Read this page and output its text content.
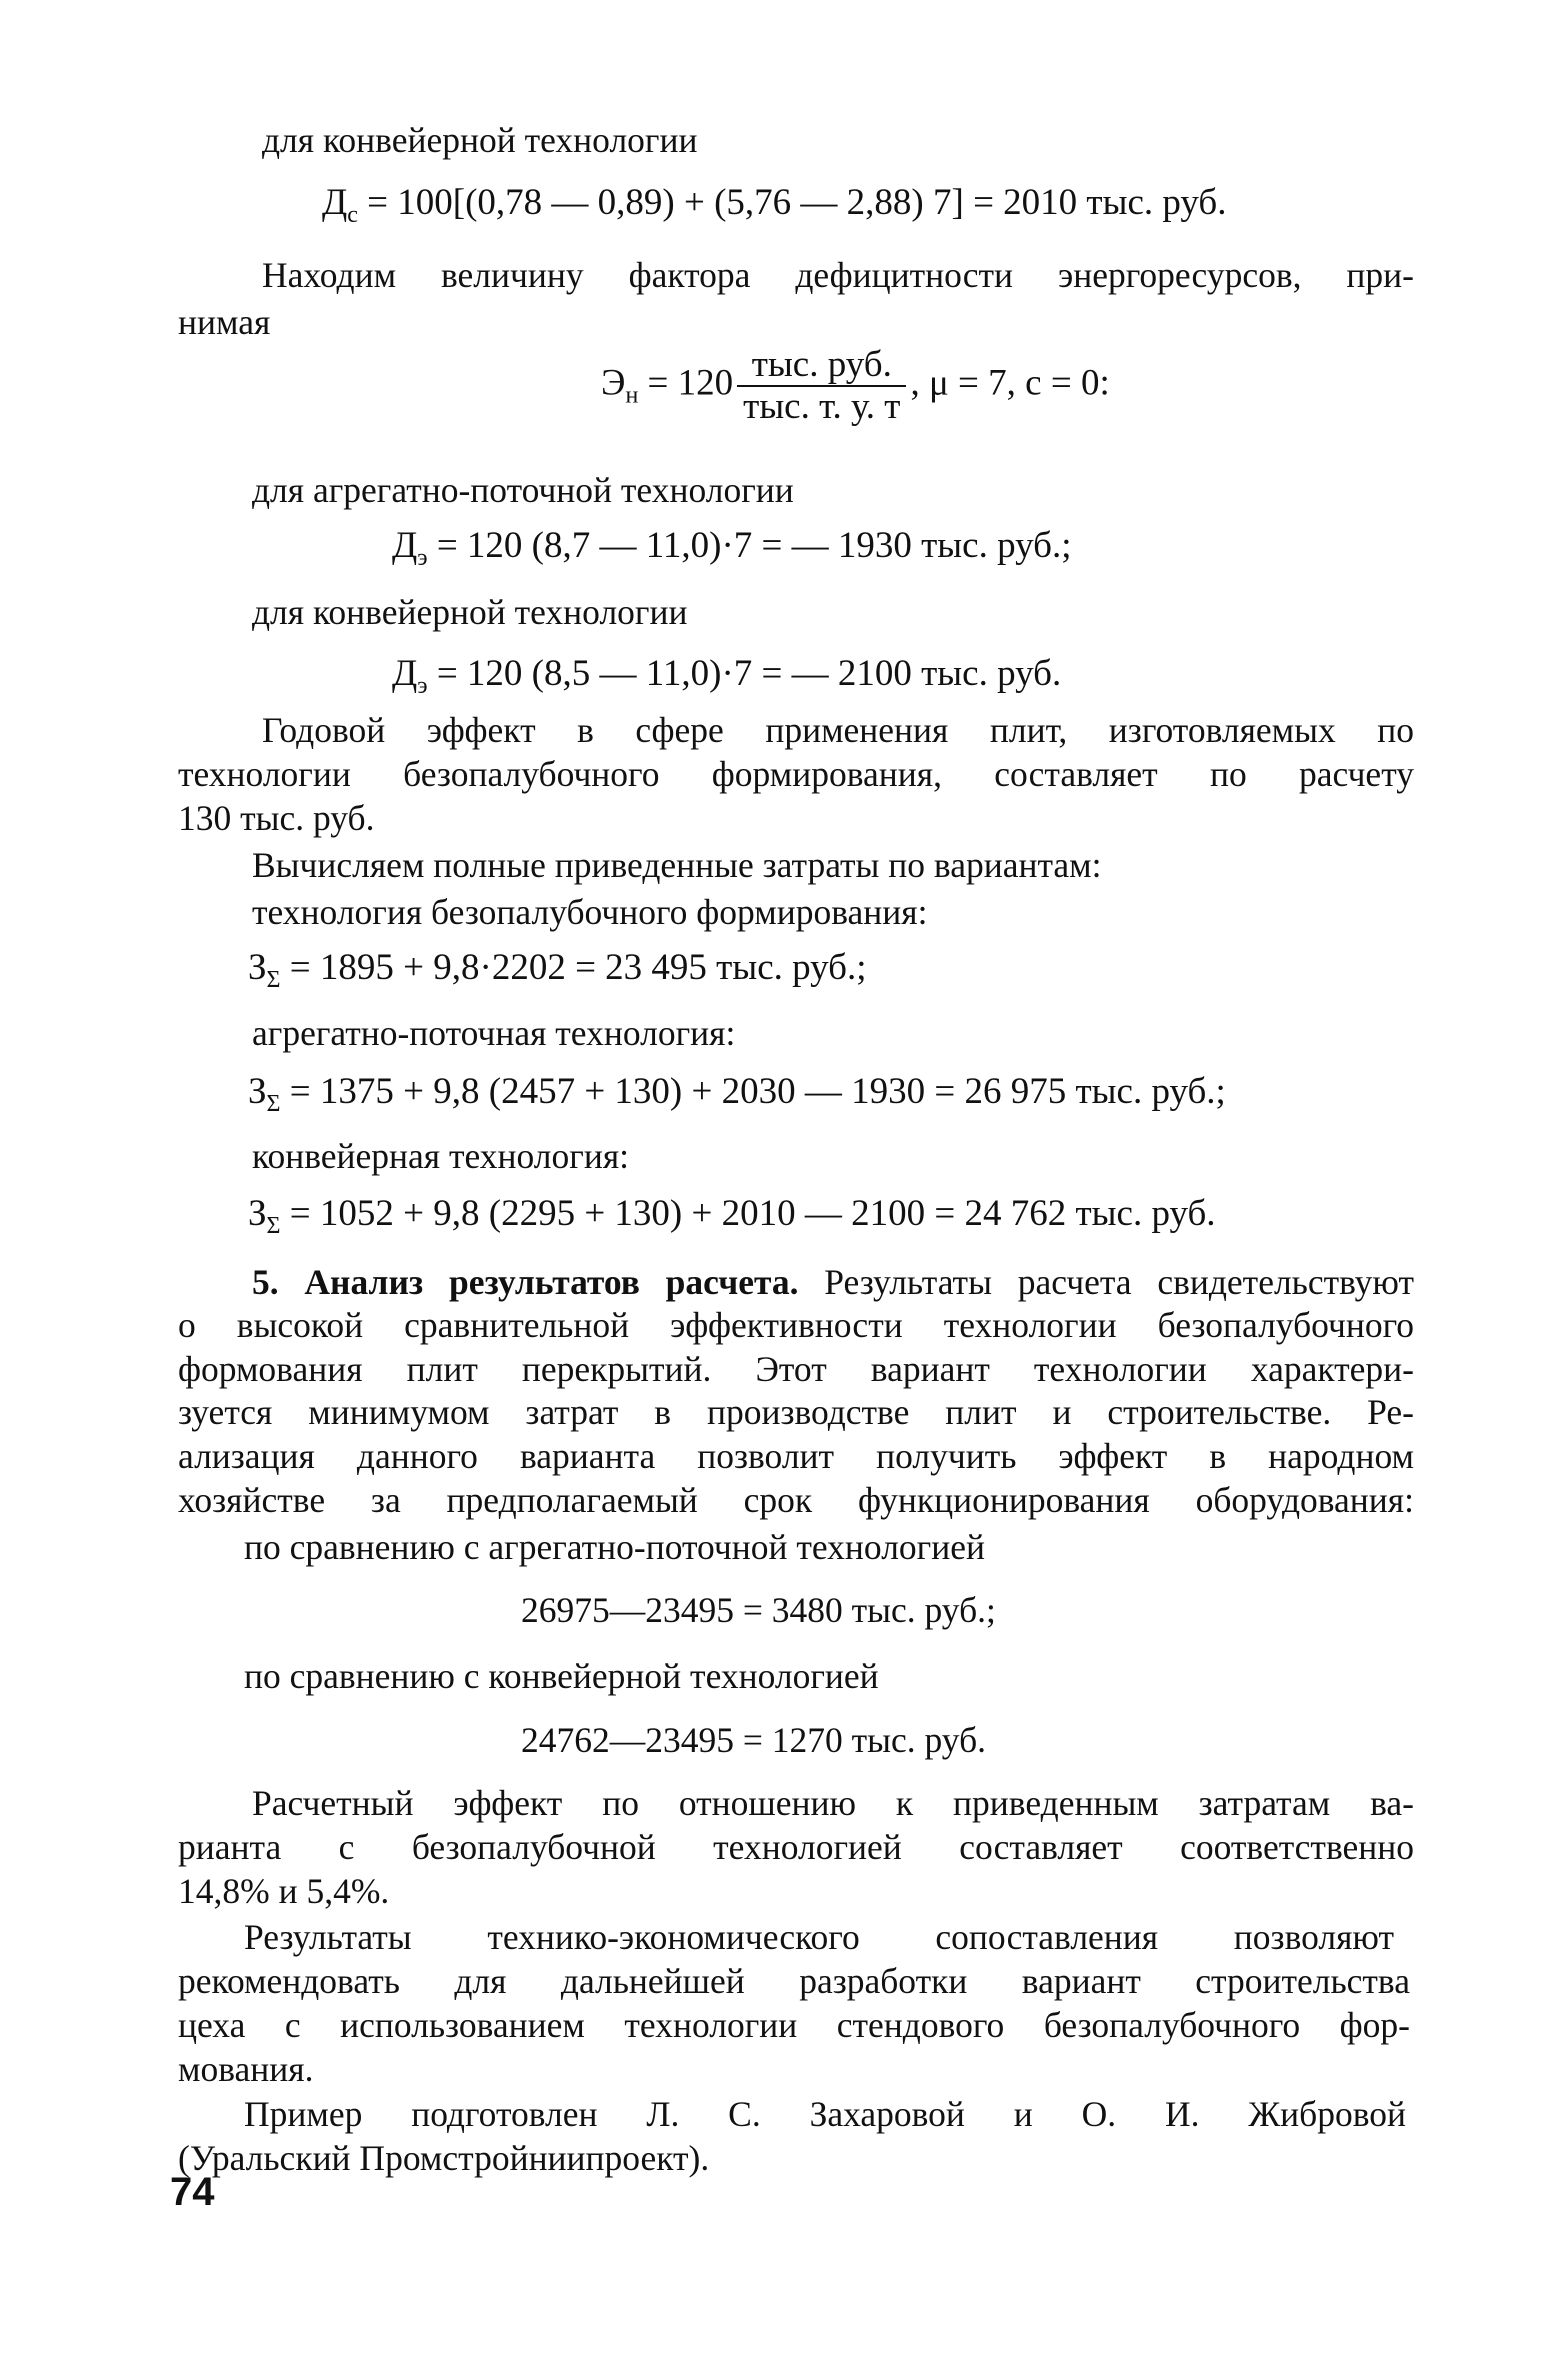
для конвейерной технологии
$Д_с = 100[(0,78$ — 0,89) + (5,76 — 2,88) 7] = 2010 тыс. руб.
Находим величину фактора дефицитности энергоресурсов, при-
нимая
$Э_н = 120 \frac{\text{тыс. руб.}}{\text{тыс. т. у. т}}$ , μ = 7, c = 0:
для агрегатно-поточной технологии
$Д_э = 120$ (8,7 — 11,0)·7 = — 1930 тыс. руб.;
для конвейерной технологии
$Д_э = 120$ (8,5 — 11,0)·7 = — 2100 тыс. руб.
Годовой эффект в сфере применения плит, изготовляемых по
технологии безопалубочного формирования, составляет по расчету
130 тыс. руб.
Вычисляем полные приведенные затраты по вариантам:
технология безопалубочного формирования:
$З_\Sigma = 1895 + 9,8\cdot 2202 = 23$ 495 тыс. руб.;
агрегатно-поточная технология:
$З_\Sigma = 1375 + 9,8$ (2457 + 130) + 2030 — 1930 = 26 975 тыс. руб.;
конвейерная технология:
$З_\Sigma = 1052 + 9,8$ (2295 + 130) + 2010 — 2100 = 24 762 тыс. руб.
5. Анализ результатов расчета. Результаты расчета свидетельствуют
о высокой сравнительной эффективности технологии безопалубочного
формования плит перекрытий. Этот вариант технологии характери-
зуется минимумом затрат в производстве плит и строительстве. Ре-
ализация данного варианта позволит получить эффект в народном
хозяйстве за предполагаемый срок функционирования оборудования:
по сравнению с агрегатно-поточной технологией
26975—23495 = 3480 тыс. руб.;
по сравнению с конвейерной технологией
24762—23495 = 1270 тыс. руб.
Расчетный эффект по отношению к приведенным затратам ва-
рианта с безопалубочной технологией составляет соответственно
14,8% и 5,4%.
Результаты технико-экономического сопоставления позволяют
рекомендовать для дальнейшей разработки вариант строительства
цеха с использованием технологии стендового безопалубочного фор-
мования.
Пример подготовлен Л. С. Захаровой и О. И. Жибровой
(Уральский Промстройниипроект).
74
